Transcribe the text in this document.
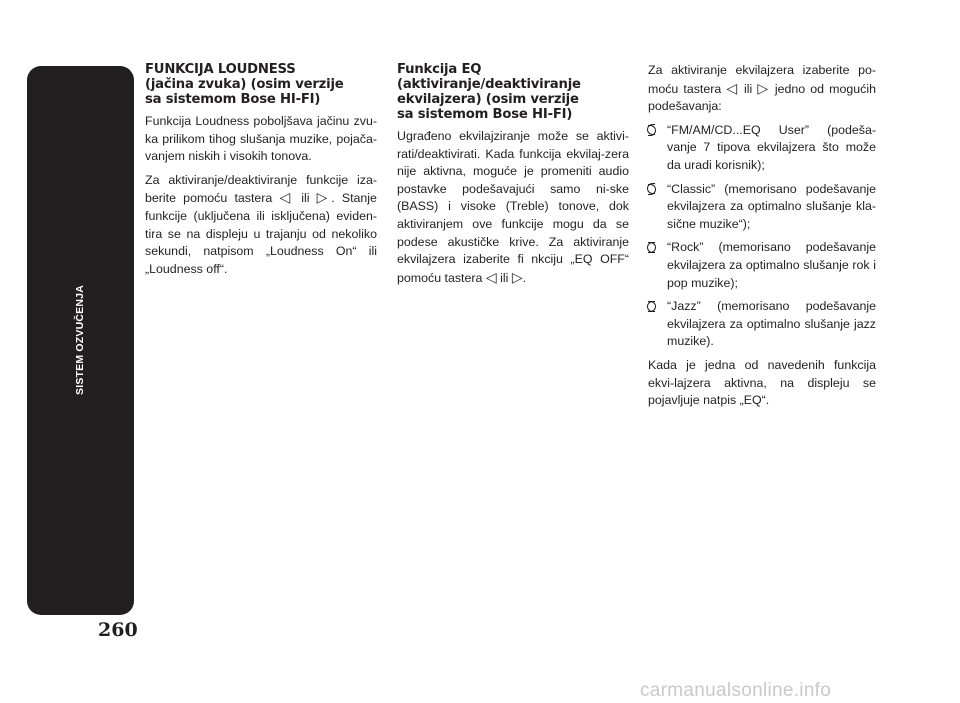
SISTEM OZVUČENJA
260
FUNKCIJA LOUDNESS
(jačina zvuka) (osim verzije
sa sistemom Bose HI-FI)

Funkcija Loudness poboljšava jačinu zvu-ka prilikom tihog slušanja muzike, pojača-vanjem niskih i visokih tonova.

Za aktiviranje/deaktiviranje funkcije iza-berite pomoću tastera ◁ ili ▷. Stanje funkcije (uključena ili isključena) eviden-tira se na displeju u trajanju od nekoliko sekundi, natpisom „Loudness On“ ili „Loudness off“.

Funkcija EQ
(aktiviranje/deaktiviranje
ekvilajzera) (osim verzije
sa sistemom Bose HI-FI)

Ugrađeno ekvilajziranje može se aktivi-rati/deaktivirati. Kada funkcija ekvilaj-zera nije aktivna, moguće je promeniti audio postavke podešavajući samo ni-ske (BASS) i visoke (Treble) tonove, dok aktiviranjem ove funkcije mogu da se podese akustičke krive. Za aktiviranje ekvilajzera izaberite fi nkciju „EQ OFF“ pomoću tastera ◁ ili ▷.

Za aktiviranje ekvilajzera izaberite po-moću tastera ◁ ili ▷ jedno od mogućih podešavanja:

“FM/AM/CD...EQ User” (podeša-vanje 7 tipova ekvilajzera što može da uradi korisnik);
“Classic” (memorisano podešavanje ekvilajzera za optimalno slušanje kla-sične muzike“);
“Rock” (memorisano podešavanje ekvilajzera za optimalno slušanje rok i pop muzike);
“Jazz” (memorisano podešavanje ekvilajzera za optimalno slušanje jazz muzike).

Kada je jedna od navedenih funkcija ekvi-lajzera aktivna, na displeju se pojavljuje natpis „EQ“.

carmanualsonline.info
